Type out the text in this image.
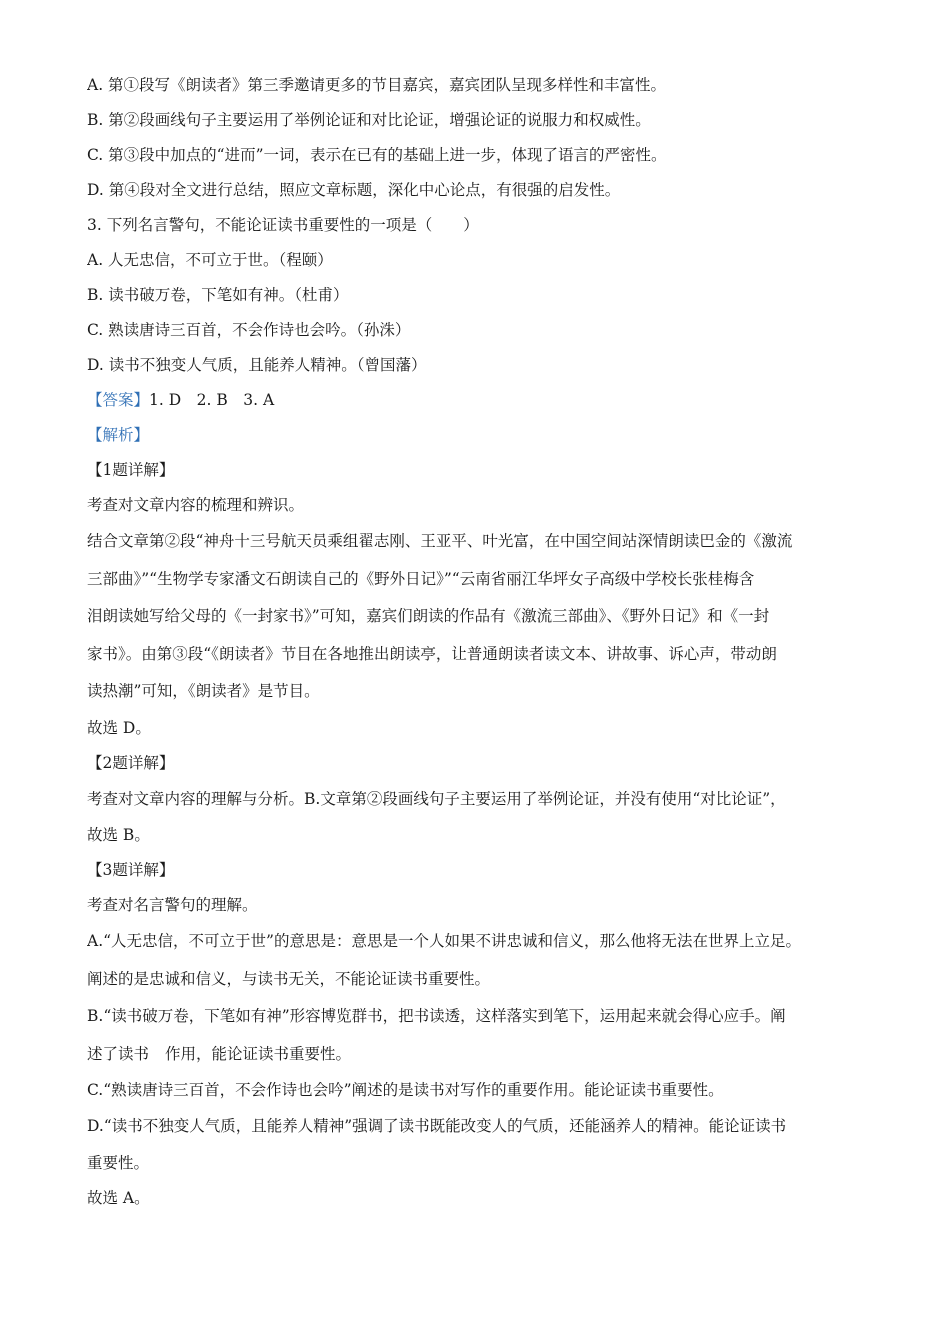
A. 第①段写《朗读者》第三季邀请更多的节目嘉宾，嘉宾团队呈现多样性和丰富性。
B. 第②段画线句子主要运用了举例论证和对比论证，增强论证的说服力和权威性。
C. 第③段中加点的“进而”一词，表示在已有的基础上进一步，体现了语言的严密性。
D. 第④段对全文进行总结，照应文章标题，深化中心论点，有很强的启发性。
3. 下列名言警句，不能论证读书重要性的一项是（　　）
A. 人无忠信，不可立于世。（程颐）
B. 读书破万卷，下笔如有神。（杜甫）
C. 熟读唐诗三百首，不会作诗也会吟。（孙洙）
D. 读书不独变人气质，且能养人精神。（曾国藩）
【答案】1. D　2. B　3. A
【解析】
【1题详解】
考查对文章内容的梳理和辨识。
结合文章第②段“神舟十三号航天员乘组翟志刚、王亚平、叶光富，在中国空间站深情朗读巴金的《激流
三部曲》”“生物学专家潘文石朗读自己的《野外日记》”“云南省丽江华坪女子高级中学校长张桂梅含
泪朗读她写给父母的《一封家书》”可知，嘉宾们朗读的作品有《激流三部曲》、《野外日记》和《一封
家书》。由第③段“《朗读者》节目在各地推出朗读亭，让普通朗读者读文本、讲故事、诉心声，带动朗
读热潮”可知，《朗读者》是节目。
故选 D。
【2题详解】
考查对文章内容的理解与分析。B.文章第②段画线句子主要运用了举例论证，并没有使用“对比论证”，
故选 B。
【3题详解】
考查对名言警句的理解。
A.“人无忠信，不可立于世”的意思是：意思是一个人如果不讲忠诚和信义，那么他将无法在世界上立足。
阐述的是忠诚和信义，与读书无关，不能论证读书重要性。
B.“读书破万卷，下笔如有神”形容博览群书，把书读透，这样落实到笔下，运用起来就会得心应手。阐
述了读书 作用，能论证读书重要性。
C.“熟读唐诗三百首，不会作诗也会吟”阐述的是读书对写作的重要作用。能论证读书重要性。
D.“读书不独变人气质，且能养人精神”强调了读书既能改变人的气质，还能涵养人的精神。能论证读书
重要性。
故选 A。
